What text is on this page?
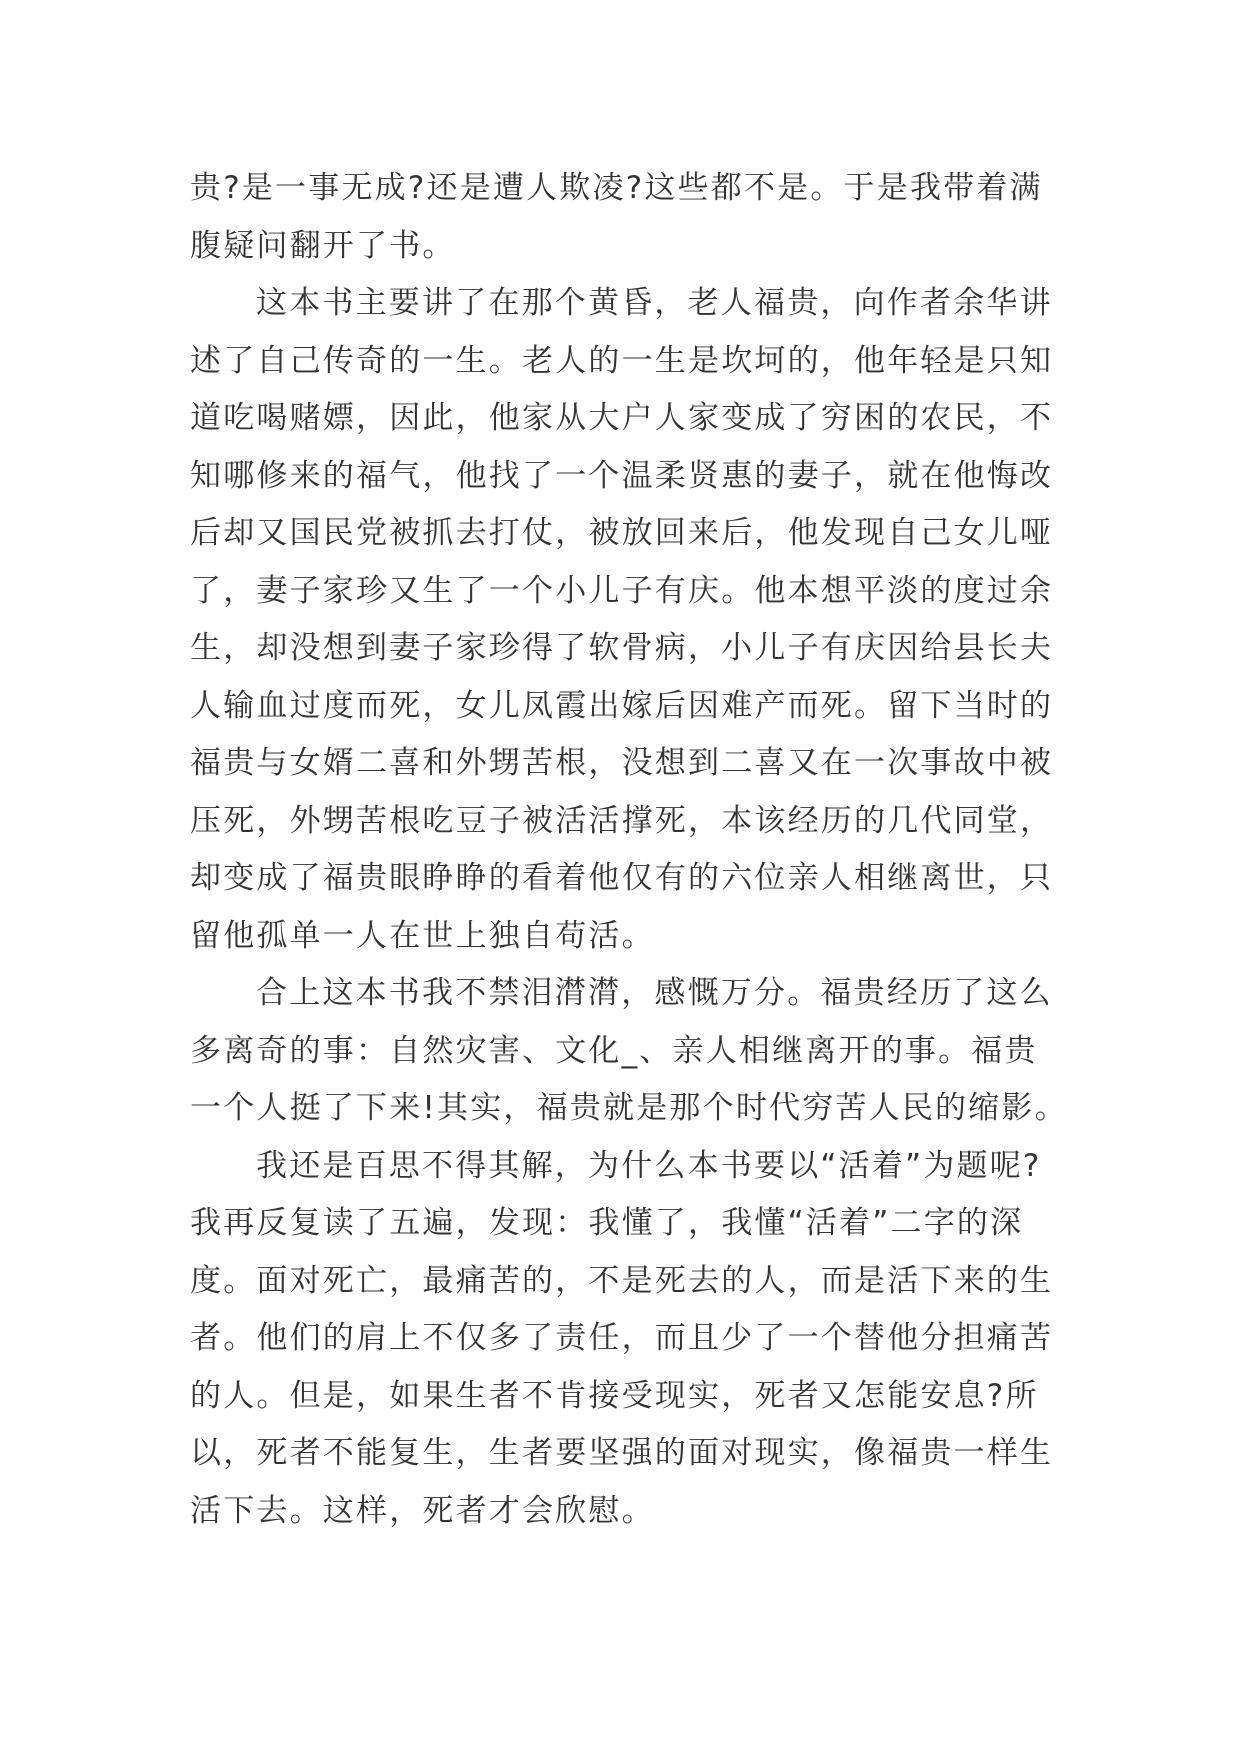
贵?是一事无成?还是遭人欺凌?这些都不是。于是我带着满
腹疑问翻开了书。
这本书主要讲了在那个黄昏，老人福贵，向作者余华讲
述了自己传奇的一生。老人的一生是坎坷的，他年轻是只知
道吃喝赌嫖，因此，他家从大户人家变成了穷困的农民，不
知哪修来的福气，他找了一个温柔贤惠的妻子，就在他悔改
后却又国民党被抓去打仗，被放回来后，他发现自己女儿哑
了，妻子家珍又生了一个小儿子有庆。他本想平淡的度过余
生，却没想到妻子家珍得了软骨病，小儿子有庆因给县长夫
人输血过度而死，女儿凤霞出嫁后因难产而死。留下当时的
福贵与女婿二喜和外甥苦根，没想到二喜又在一次事故中被
压死，外甥苦根吃豆子被活活撑死，本该经历的几代同堂，
却变成了福贵眼睁睁的看着他仅有的六位亲人相继离世，只
留他孤单一人在世上独自苟活。
合上这本书我不禁泪潸潸，感慨万分。福贵经历了这么
多离奇的事：自然灾害、文化_、亲人相继离开的事。福贵
一个人挺了下来!其实，福贵就是那个时代穷苦人民的缩影。
我还是百思不得其解，为什么本书要以“活着”为题呢?
我再反复读了五遍，发现：我懂了，我懂“活着”二字的深
度。面对死亡，最痛苦的，不是死去的人，而是活下来的生
者。他们的肩上不仅多了责任，而且少了一个替他分担痛苦
的人。但是，如果生者不肯接受现实，死者又怎能安息?所
以，死者不能复生，生者要坚强的面对现实，像福贵一样生
活下去。这样，死者才会欣慰。
